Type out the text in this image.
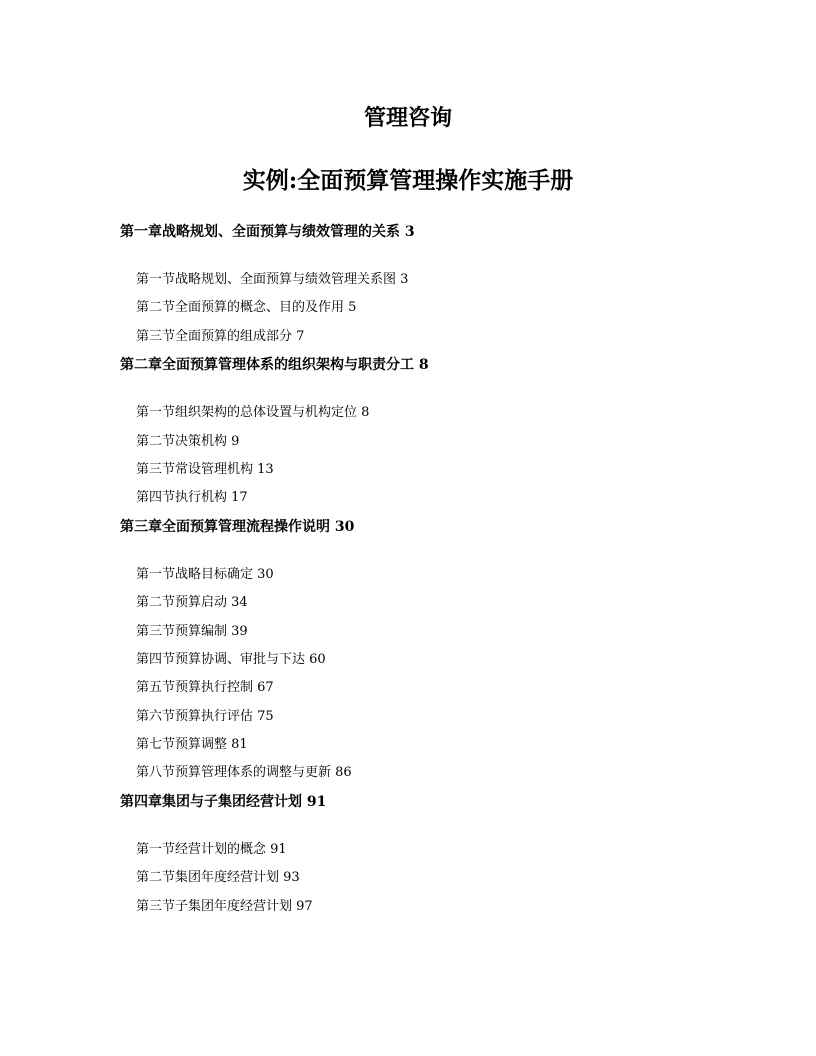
管理咨询
实例:全面预算管理操作实施手册
第一章战略规划、全面预算与绩效管理的关系 3
第一节战略规划、全面预算与绩效管理关系图 3
第二节全面预算的概念、目的及作用 5
第三节全面预算的组成部分 7
第二章全面预算管理体系的组织架构与职责分工 8
第一节组织架构的总体设置与机构定位 8
第二节决策机构 9
第三节常设管理机构 13
第四节执行机构 17
第三章全面预算管理流程操作说明 30
第一节战略目标确定 30
第二节预算启动 34
第三节预算编制 39
第四节预算协调、审批与下达 60
第五节预算执行控制 67
第六节预算执行评估 75
第七节预算调整 81
第八节预算管理体系的调整与更新 86
第四章集团与子集团经营计划 91
第一节经营计划的概念 91
第二节集团年度经营计划 93
第三节子集团年度经营计划 97
